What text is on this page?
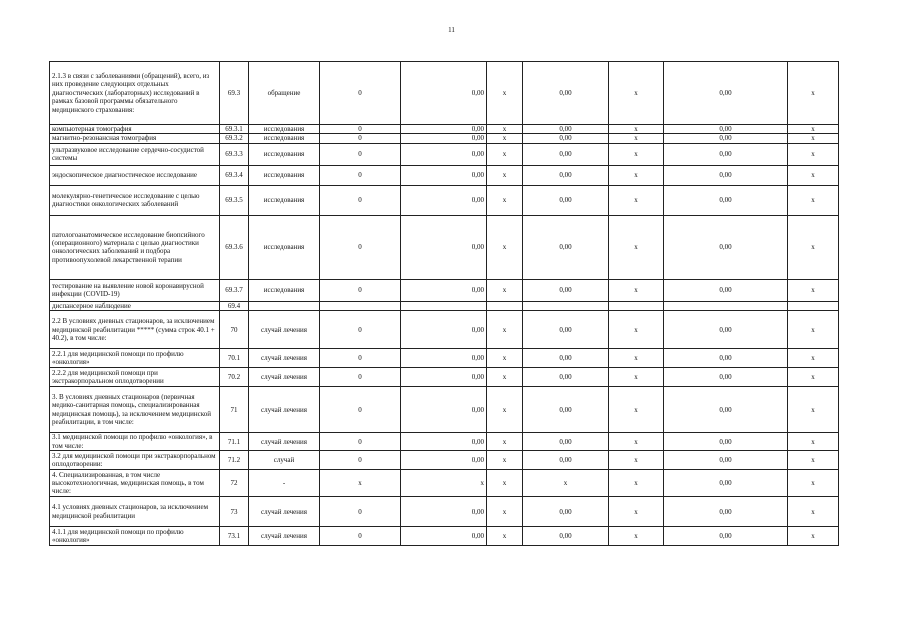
11
2.1.3 в связи с заболеваниями (обращений), всего, из них проведение следующих отдельных диагностических (лабораторных) исследований в рамках базовой программы обязательного медицинского страхования:	69.3	обращение	0	0,00	х	0,00	х	0,00	х
компьютерная томография	69.3.1	исследования	0	0,00	х	0,00	х	0,00	х
магнитно-резонансная томография	69.3.2	исследования	0	0,00	х	0,00	х	0,00	х
ультразвуковое исследование сердечно-сосудистой системы	69.3.3	исследования	0	0,00	х	0,00	х	0,00	х
эндоскопическое диагностическое исследование	69.3.4	исследования	0	0,00	х	0,00	х	0,00	х
молекулярно-генетическое исследование с целью диагностики онкологических заболеваний	69.3.5	исследования	0	0,00	х	0,00	х	0,00	х
патологоанатомическое исследование биопсийного (операционного) материала с целью диагностики онкологических заболеваний и подбора противоопухолевой лекарственной терапии	69.3.6	исследования	0	0,00	х	0,00	х	0,00	х
тестирование на выявление новой коронавирусной инфекции (COVID-19)	69.3.7	исследования	0	0,00	х	0,00	х	0,00	х
диспансерное наблюдение	69.4								
2.2 В условиях дневных стационаров, за исключением медицинской реабилитации ***** (сумма строк 40.1 + 40.2), в том числе:	70	случай лечения	0	0,00	х	0,00	х	0,00	х
2.2.1 для медицинской помощи по профилю «онкология»	70.1	случай лечения	0	0,00	х	0,00	х	0,00	х
2.2.2 для медицинской помощи при экстракорпоральном оплодотворении	70.2	случай лечения	0	0,00	х	0,00	х	0,00	х
3. В условиях дневных стационаров (первичная медико-санитарная помощь, специализированная медицинская помощь), за исключением медицинской реабилитации, в том числе:	71	случай лечения	0	0,00	х	0,00	х	0,00	х
3.1 медицинской помощи по профилю «онкология», в том числе:	71.1	случай лечения	0	0,00	х	0,00	х	0,00	х
3.2 для медицинской помощи при экстракорпоральном оплодотворении:	71.2	случай	0	0,00	х	0,00	х	0,00	х
4. Специализированная, в том числе высокотехнологичная, медицинская помощь, в том числе:	72	-	х	х	х	х	х	0,00	х
4.1 условиях дневных стационаров, за исключением медицинской реабилитации	73	случай лечения	0	0,00	х	0,00	х	0,00	х
4.1.1 для медицинской помощи по профилю «онкология»	73.1	случай лечения	0	0,00	х	0,00	х	0,00	х
